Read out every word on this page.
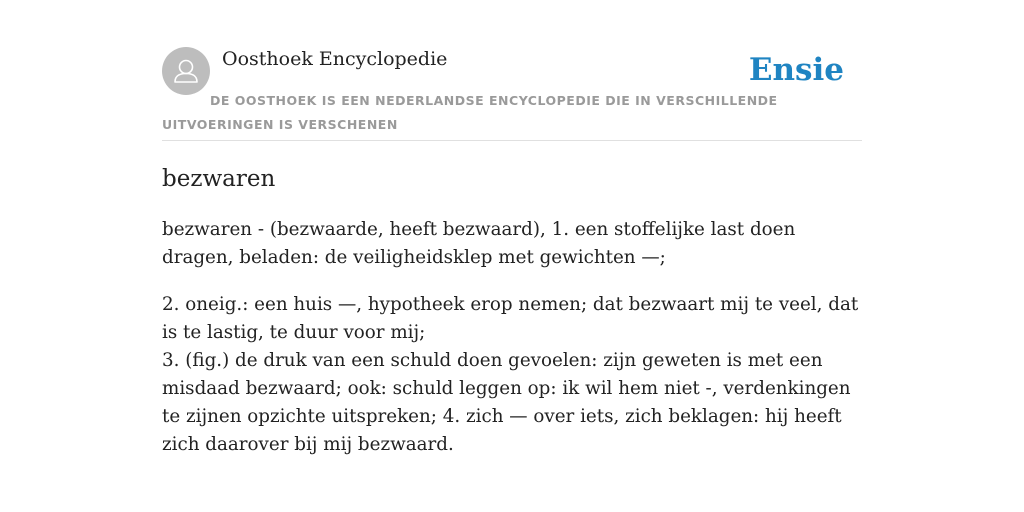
Oosthoek Encyclopedie	Ensie
DE OOSTHOEK IS EEN NEDERLANDSE ENCYCLOPEDIE DIE IN VERSCHILLENDE UITVOERINGEN IS VERSCHENEN
bezwaren

bezwaren - (bezwaarde, heeft bezwaard), 1. een stoffelijke last doen dragen, beladen: de veiligheidsklep met gewichten —;

2. oneig.: een huis —, hypotheek erop nemen; dat bezwaart mij te veel, dat is te lastig, te duur voor mij;
3. (fig.) de druk van een schuld doen gevoelen: zijn geweten is met een misdaad bezwaard; ook: schuld leggen op: ik wil hem niet -, verdenkingen te zijnen opzichte uitspreken; 4. zich — over iets, zich beklagen: hij heeft zich daarover bij mij bezwaard.
